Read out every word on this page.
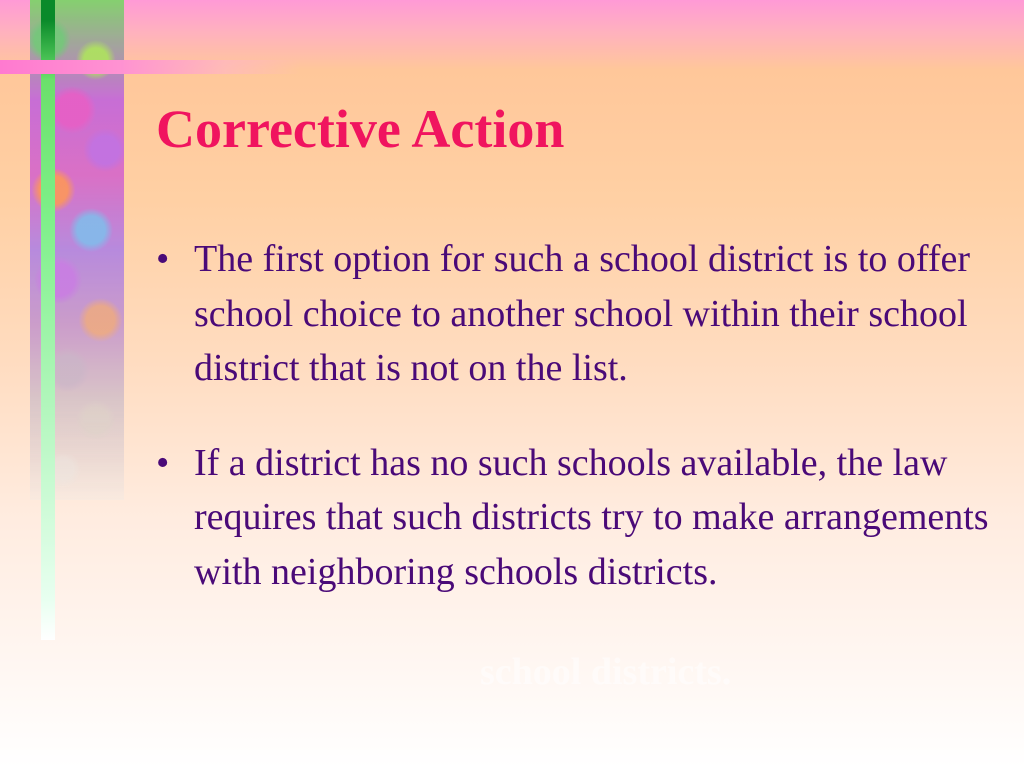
Corrective Action
• The first option for such a school district is to offer school choice to another school within their school district that is not on the list.
• If a district has no such schools available, the law requires that such districts try to make arrangements with neighboring schools districts.
school districts.
